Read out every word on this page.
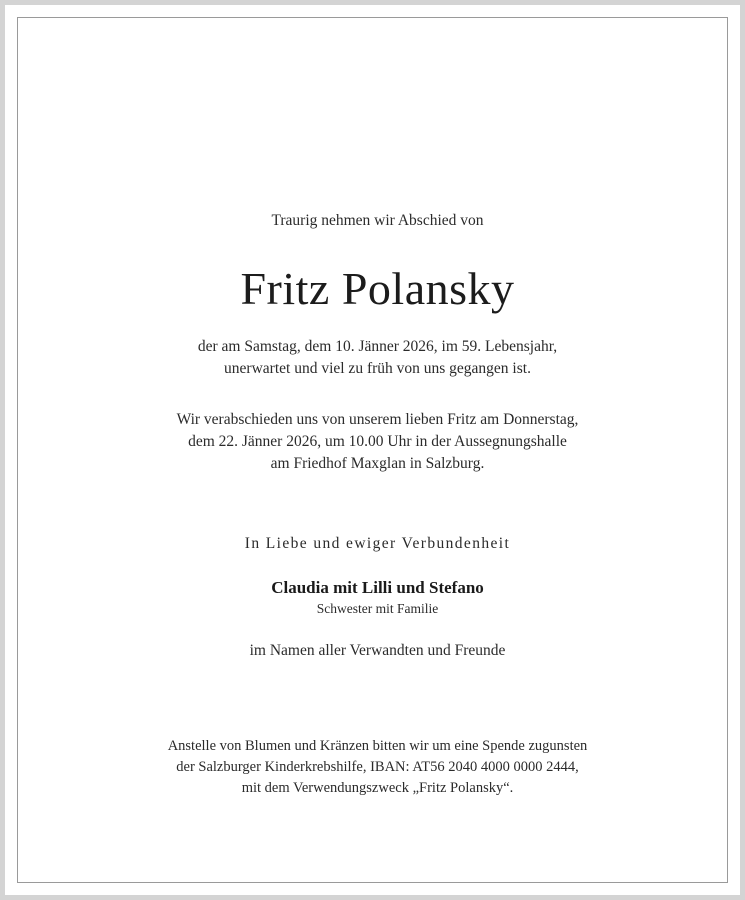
Traurig nehmen wir Abschied von
Fritz Polansky
der am Samstag, dem 10. Jänner 2026, im 59. Lebensjahr,
unerwartet und viel zu früh von uns gegangen ist.
Wir verabschieden uns von unserem lieben Fritz am Donnerstag,
dem 22. Jänner 2026, um 10.00 Uhr in der Aussegnungshalle
am Friedhof Maxglan in Salzburg.
In Liebe und ewiger Verbundenheit
Claudia mit Lilli und Stefano
Schwester mit Familie
im Namen aller Verwandten und Freunde
Anstelle von Blumen und Kränzen bitten wir um eine Spende zugunsten
der Salzburger Kinderkrebshilfe, IBAN: AT56 2040 4000 0000 2444,
mit dem Verwendungszweck „Fritz Polansky“.
